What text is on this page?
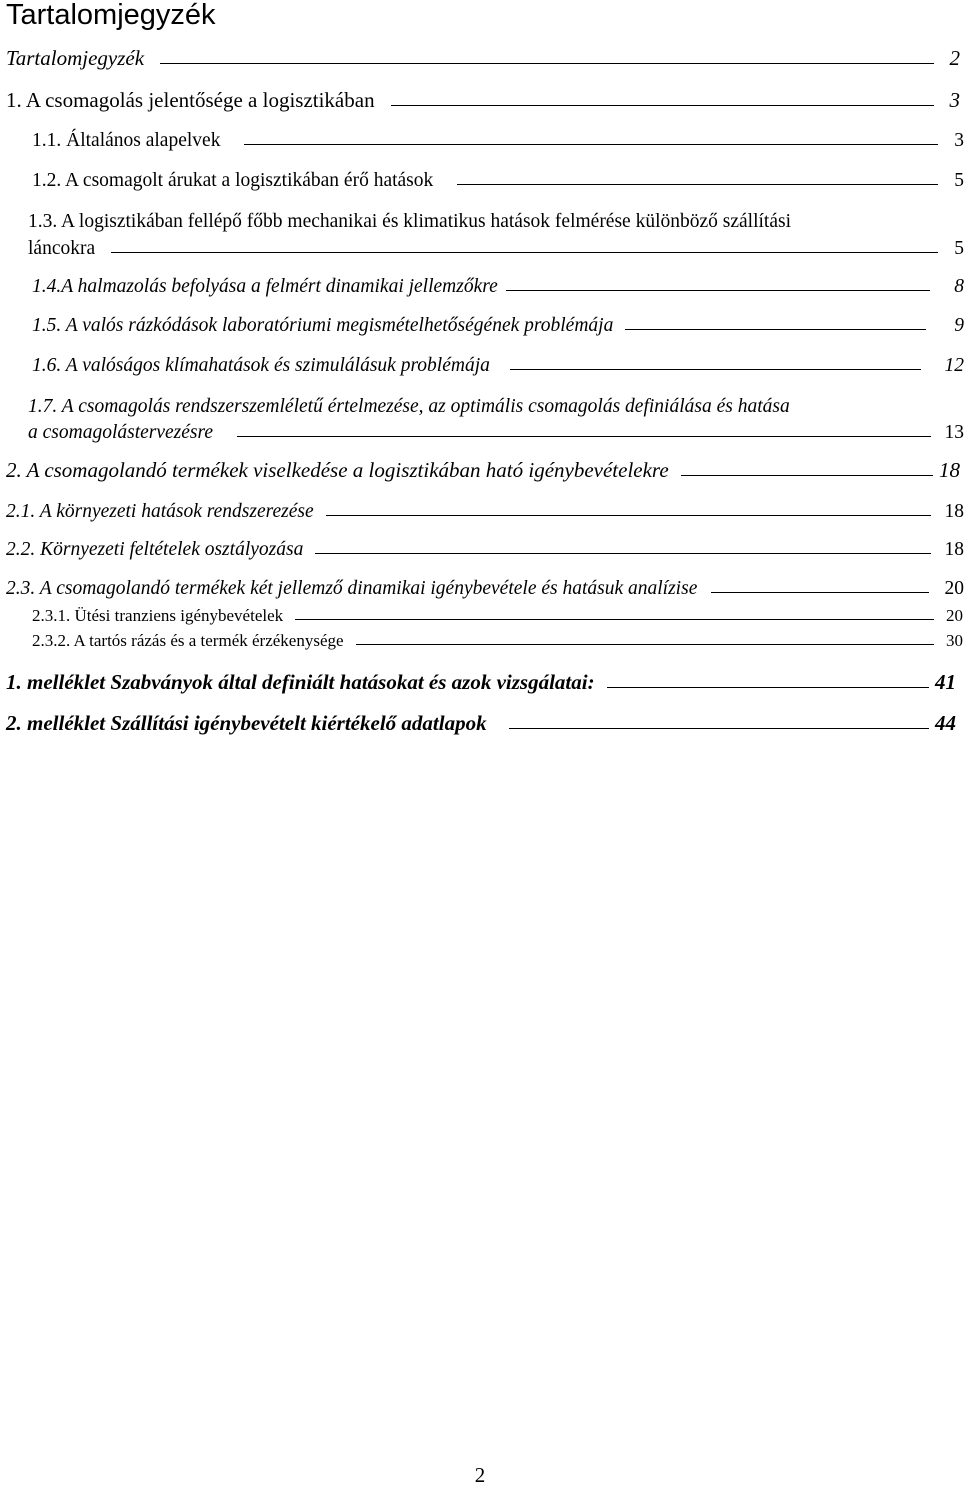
Tartalomjegyzék
Tartalomjegyzék	2
1. A csomagolás jelentősége a logisztikában	3
1.1. Általános alapelvek	3
1.2. A csomagolt árukat a logisztikában érő hatások	5
1.3. A logisztikában fellépő főbb mechanikai és klimatikus hatások felmérése különböző szállítási
láncokra	5
1.4.A halmazolás befolyása a felmért dinamikai jellemzőkre	8
1.5. A valós rázkódások laboratóriumi megismételhetőségének problémája	9
1.6. A valóságos klímahatások és szimulálásuk problémája	12
1.7. A csomagolás rendszerszemléletű értelmezése, az optimális csomagolás definiálása és hatása
a csomagolástervezésre	13
2. A csomagolandó termékek viselkedése a logisztikában ható igénybevételekre	18
2.1. A környezeti hatások rendszerezése	18
2.2. Környezeti feltételek osztályozása	18
2.3. A csomagolandó termékek két jellemző dinamikai igénybevétele és hatásuk analízise	20
2.3.1. Ütési tranziens igénybevételek	20
2.3.2. A tartós rázás és a termék érzékenysége	30
1. melléklet Szabványok által definiált hatásokat és azok vizsgálatai:	41
2. melléklet Szállítási igénybevételt kiértékelő adatlapok	44
2
